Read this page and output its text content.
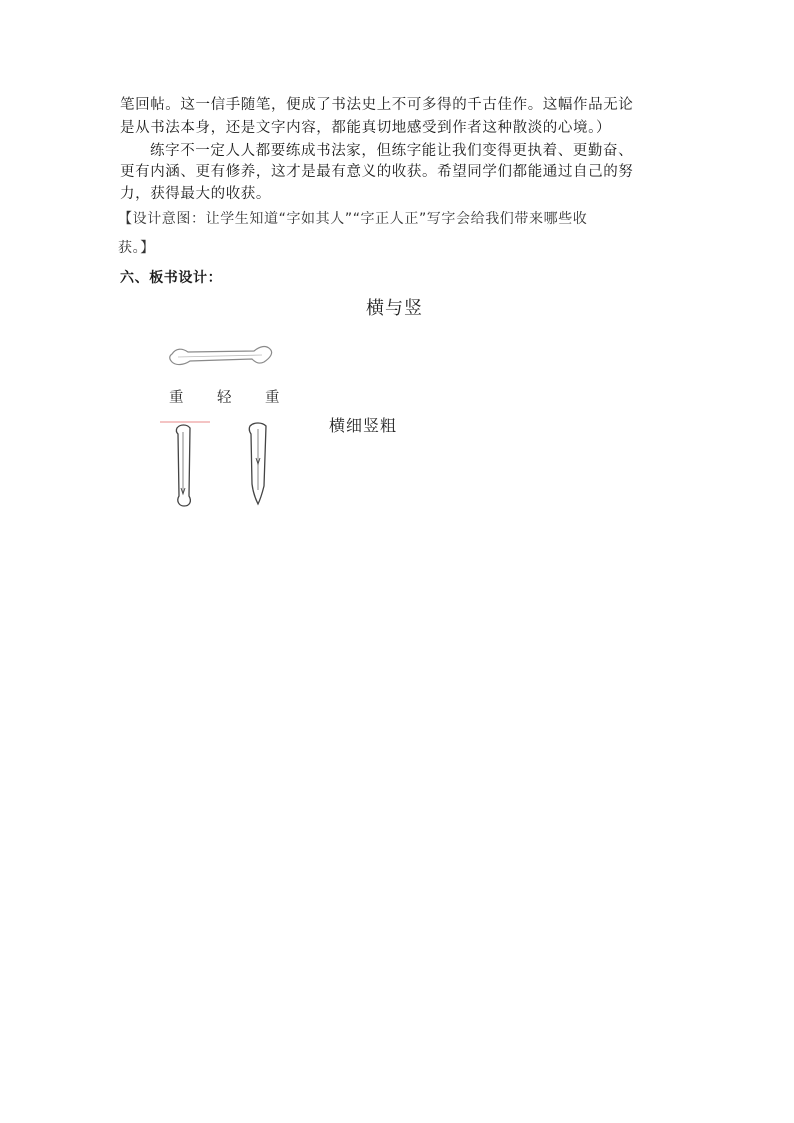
笔回帖。这一信手随笔，便成了书法史上不可多得的千古佳作。这幅作品无论
是从书法本身，还是文字内容，都能真切地感受到作者这种散淡的心境。）
练字不一定人人都要练成书法家，但练字能让我们变得更执着、更勤奋、
更有内涵、更有修养，这才是最有意义的收获。希望同学们都能通过自己的努
力，获得最大的收获。
【设计意图：让学生知道“字如其人”“字正人正”写字会给我们带来哪些收
获。】
六、板书设计：
横与竖
重 轻 重
横细竖粗
